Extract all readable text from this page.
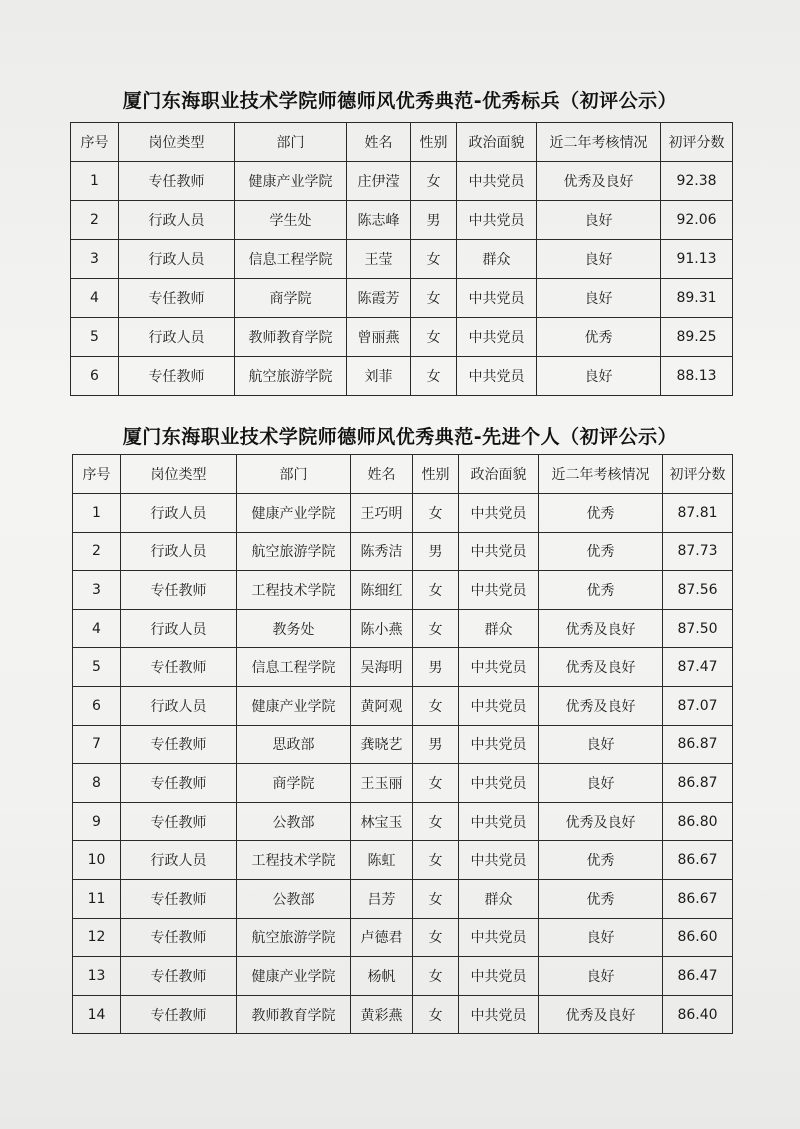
厦门东海职业技术学院师德师风优秀典范-优秀标兵（初评公示）
序号	岗位类型	部门	姓名	性别	政治面貌	近二年考核情况	初评分数
1	专任教师	健康产业学院	庄伊滢	女	中共党员	优秀及良好	92.38
2	行政人员	学生处	陈志峰	男	中共党员	良好	92.06
3	行政人员	信息工程学院	王莹	女	群众	良好	91.13
4	专任教师	商学院	陈霞芳	女	中共党员	良好	89.31
5	行政人员	教师教育学院	曾丽燕	女	中共党员	优秀	89.25
6	专任教师	航空旅游学院	刘菲	女	中共党员	良好	88.13
厦门东海职业技术学院师德师风优秀典范-先进个人（初评公示）
序号	岗位类型	部门	姓名	性别	政治面貌	近二年考核情况	初评分数
1	行政人员	健康产业学院	王巧明	女	中共党员	优秀	87.81
2	行政人员	航空旅游学院	陈秀洁	男	中共党员	优秀	87.73
3	专任教师	工程技术学院	陈细红	女	中共党员	优秀	87.56
4	行政人员	教务处	陈小燕	女	群众	优秀及良好	87.50
5	专任教师	信息工程学院	吴海明	男	中共党员	优秀及良好	87.47
6	行政人员	健康产业学院	黄阿观	女	中共党员	优秀及良好	87.07
7	专任教师	思政部	龚晓艺	男	中共党员	良好	86.87
8	专任教师	商学院	王玉丽	女	中共党员	良好	86.87
9	专任教师	公教部	林宝玉	女	中共党员	优秀及良好	86.80
10	行政人员	工程技术学院	陈虹	女	中共党员	优秀	86.67
11	专任教师	公教部	吕芳	女	群众	优秀	86.67
12	专任教师	航空旅游学院	卢德君	女	中共党员	良好	86.60
13	专任教师	健康产业学院	杨帆	女	中共党员	良好	86.47
14	专任教师	教师教育学院	黄彩燕	女	中共党员	优秀及良好	86.40
